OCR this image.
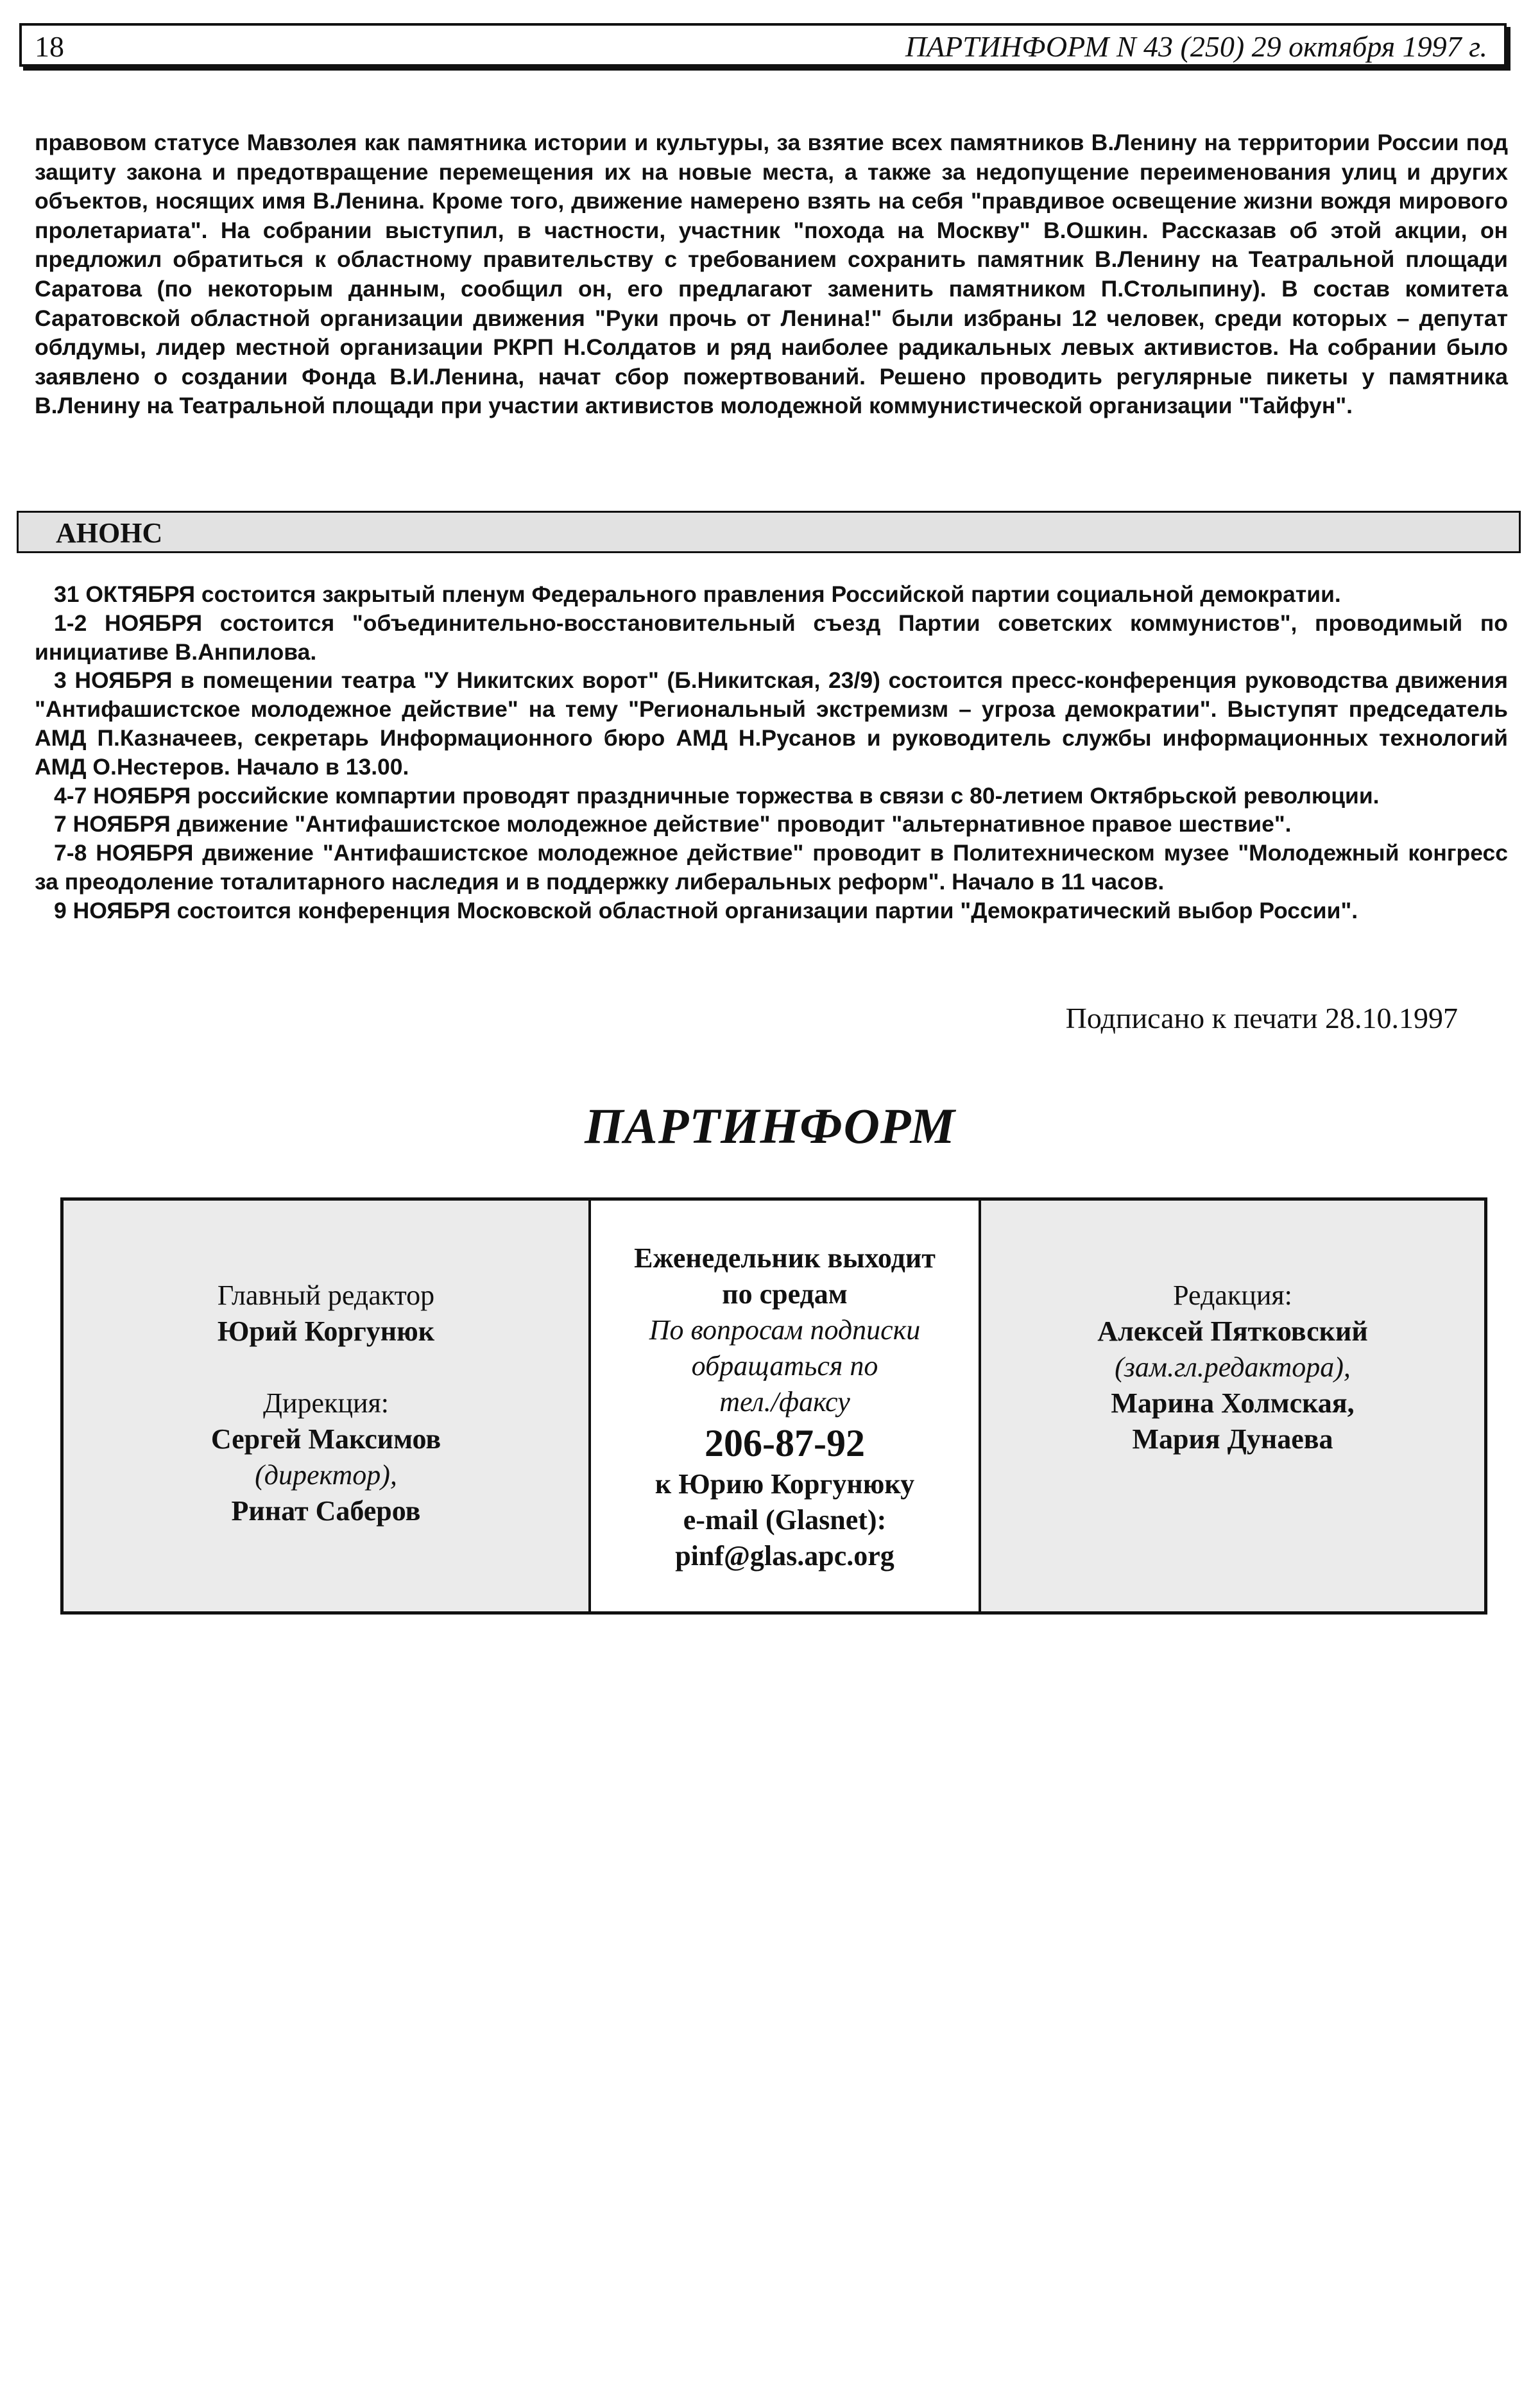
18	ПАРТИНФОРМ N 43 (250) 29 октября 1997 г.

правовом статусе Мавзолея как памятника истории и культуры, за взятие всех памятников В.Ленину на территории России под защиту закона и предотвращение перемещения их на новые места, а также за недопущение переименования улиц и других объектов, носящих имя В.Ленина. Кроме того, движение намерено взять на себя "правдивое освещение жизни вождя мирового пролетариата". На собрании выступил, в частности, участник "похода на Москву" В.Ошкин. Рассказав об этой акции, он предложил обратиться к областному правительству с требованием сохранить памятник В.Ленину на Театральной площади Саратова (по некоторым данным, сообщил он, его предлагают заменить памятником П.Столыпину). В состав комитета Саратовской областной организации движения "Руки прочь от Ленина!" были избраны 12 человек, среди которых – депутат облдумы, лидер местной организации РКРП Н.Солдатов и ряд наиболее радикальных левых активистов. На собрании было заявлено о создании Фонда В.И.Ленина, начат сбор пожертвований. Решено проводить регулярные пикеты у памятника В.Ленину на Театральной площади при участии активистов молодежной коммунистической организации "Тайфун".

АНОНС

31 ОКТЯБРЯ состоится закрытый пленум Федерального правления Российской партии социальной демократии.

1-2 НОЯБРЯ состоится "объединительно-восстановительный съезд Партии советских коммунистов", проводимый по инициативе В.Анпилова.

3 НОЯБРЯ в помещении театра "У Никитских ворот" (Б.Никитская, 23/9) состоится пресс-конференция руководства движения "Антифашистское молодежное действие" на тему "Региональный экстремизм – угроза демократии". Выступят председатель АМД П.Казначеев, секретарь Информационного бюро АМД Н.Русанов и руководитель службы информационных технологий АМД О.Нестеров. Начало в 13.00.

4-7 НОЯБРЯ российские компартии проводят праздничные торжества в связи с 80-летием Октябрьской революции.

7 НОЯБРЯ движение "Антифашистское молодежное действие" проводит "альтернативное правое шествие".

7-8 НОЯБРЯ движение "Антифашистское молодежное действие" проводит в Политехническом музее "Молодежный конгресс за преодоление тоталитарного наследия и в поддержку либеральных реформ". Начало в 11 часов.

9 НОЯБРЯ состоится конференция Московской областной организации партии "Демократический выбор России".

Подписано к печати 28.10.1997
ПАРТИНФОРМ
Главный редактор
Юрий Коргунюк
Дирекция:
Сергей Максимов
(директор),
Ринат Саберов
Еженедельник выходит
по средам
По вопросам подписки
обращаться по
тел./факсу
206-87-92
к Юрию Коргунюку
e-mail (Glasnet):
pinf@glas.apc.org
Редакция:
Алексей Пятковский
(зам.гл.редактора),
Марина Холмская,
Мария Дунаева
